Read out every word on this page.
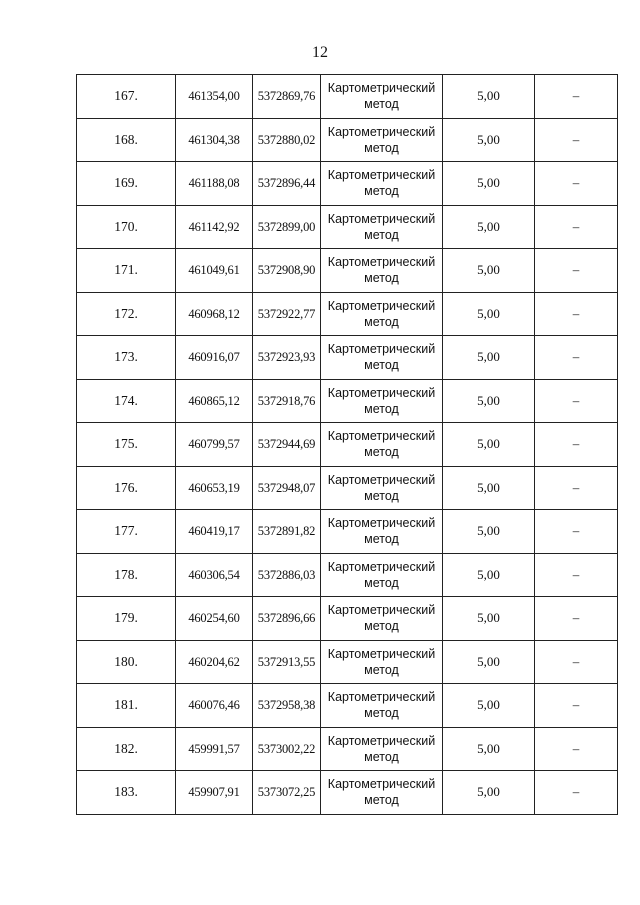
12
167.	461354,00	5372869,76	Картометрический метод	5,00	–
168.	461304,38	5372880,02	Картометрический метод	5,00	–
169.	461188,08	5372896,44	Картометрический метод	5,00	–
170.	461142,92	5372899,00	Картометрический метод	5,00	–
171.	461049,61	5372908,90	Картометрический метод	5,00	–
172.	460968,12	5372922,77	Картометрический метод	5,00	–
173.	460916,07	5372923,93	Картометрический метод	5,00	–
174.	460865,12	5372918,76	Картометрический метод	5,00	–
175.	460799,57	5372944,69	Картометрический метод	5,00	–
176.	460653,19	5372948,07	Картометрический метод	5,00	–
177.	460419,17	5372891,82	Картометрический метод	5,00	–
178.	460306,54	5372886,03	Картометрический метод	5,00	–
179.	460254,60	5372896,66	Картометрический метод	5,00	–
180.	460204,62	5372913,55	Картометрический метод	5,00	–
181.	460076,46	5372958,38	Картометрический метод	5,00	–
182.	459991,57	5373002,22	Картометрический метод	5,00	–
183.	459907,91	5373072,25	Картометрический метод	5,00	–
